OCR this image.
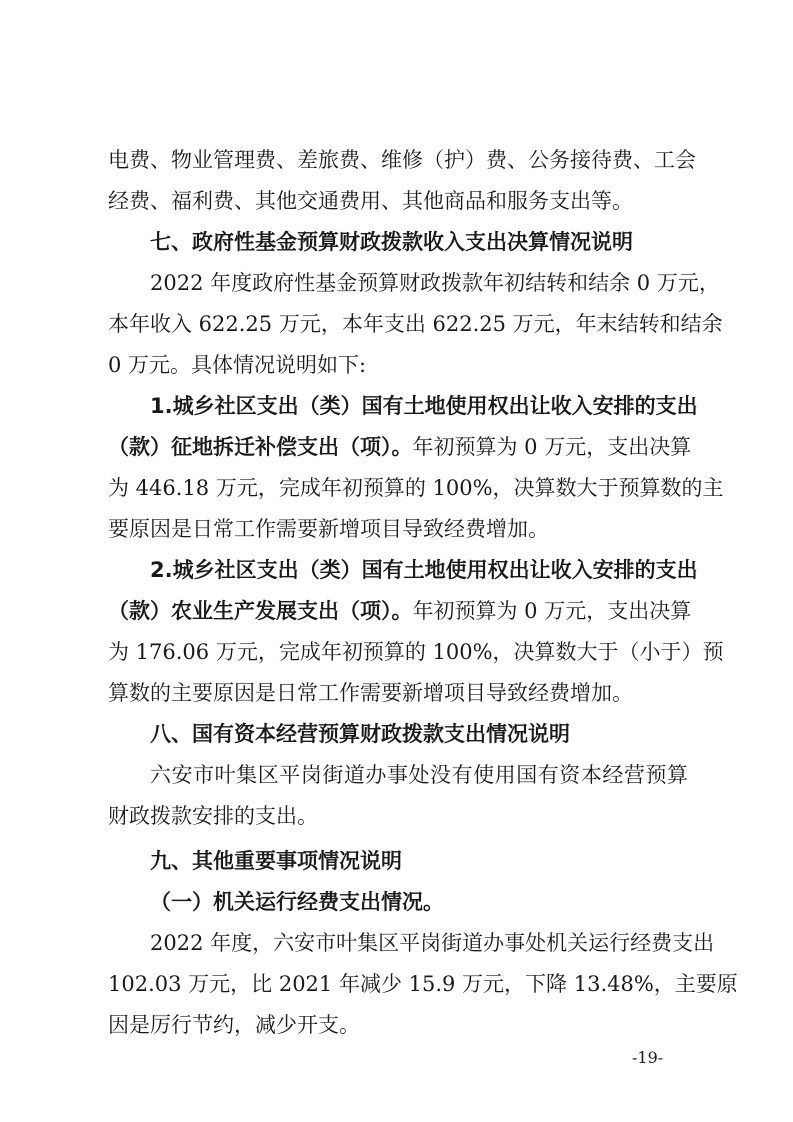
电费、物业管理费、差旅费、维修（护）费、公务接待费、工会
经费、福利费、其他交通费用、其他商品和服务支出等。
七、政府性基金预算财政拨款收入支出决算情况说明
2022 年度政府性基金预算财政拨款年初结转和结余 0 万元，
本年收入 622.25 万元，本年支出 622.25 万元，年末结转和结余
0 万元。具体情况说明如下:
1.城乡社区支出（类）国有土地使用权出让收入安排的支出
（款）征地拆迁补偿支出（项）。年初预算为 0 万元，支出决算
为 446.18 万元，完成年初预算的 100%，决算数大于预算数的主
要原因是日常工作需要新增项目导致经费增加。
2.城乡社区支出（类）国有土地使用权出让收入安排的支出
（款）农业生产发展支出（项）。年初预算为 0 万元，支出决算
为 176.06 万元，完成年初预算的 100%，决算数大于（小于）预
算数的主要原因是日常工作需要新增项目导致经费增加。
八、国有资本经营预算财政拨款支出情况说明
六安市叶集区平岗街道办事处没有使用国有资本经营预算
财政拨款安排的支出。
九、其他重要事项情况说明
（一）机关运行经费支出情况。
2022 年度，六安市叶集区平岗街道办事处机关运行经费支出
102.03 万元，比 2021 年减少 15.9 万元，下降 13.48%，主要原
因是厉行节约，减少开支。
-19-
